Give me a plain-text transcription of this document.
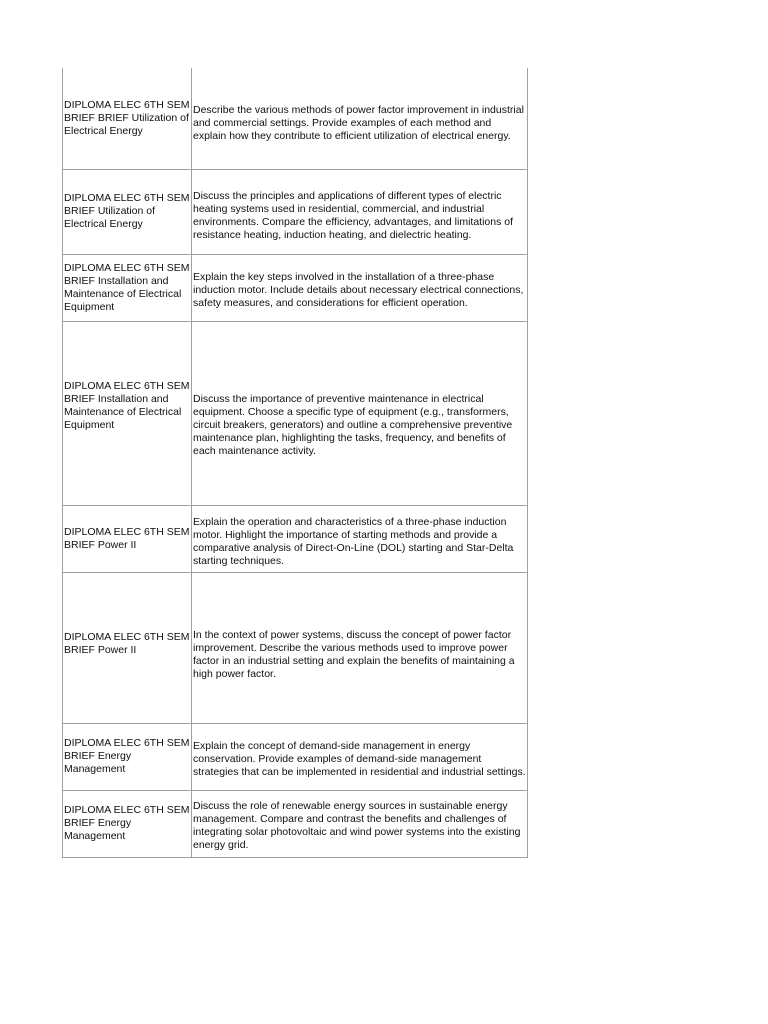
DIPLOMA ELEC 6TH SEM BRIEF BRIEF Utilization of Electrical Energy	Describe the various methods of power factor improvement in industrial and commercial settings. Provide examples of each method and explain how they contribute to efficient utilization of electrical energy.

DIPLOMA ELEC 6TH SEM BRIEF Utilization of Electrical Energy	Discuss the principles and applications of different types of electric heating systems used in residential, commercial, and industrial environments. Compare the efficiency, advantages, and limitations of resistance heating, induction heating, and dielectric heating.

DIPLOMA ELEC 6TH SEM BRIEF Installation and Maintenance of Electrical Equipment	Explain the key steps involved in the installation of a three-phase induction motor. Include details about necessary electrical connections, safety measures, and considerations for efficient operation.

DIPLOMA ELEC 6TH SEM BRIEF Installation and Maintenance of Electrical Equipment	Discuss the importance of preventive maintenance in electrical equipment. Choose a specific type of equipment (e.g., transformers, circuit breakers, generators) and outline a comprehensive preventive maintenance plan, highlighting the tasks, frequency, and benefits of each maintenance activity.

DIPLOMA ELEC 6TH SEM BRIEF Power II	Explain the operation and characteristics of a three-phase induction motor. Highlight the importance of starting methods and provide a comparative analysis of Direct-On-Line (DOL) starting and Star-Delta starting techniques.

DIPLOMA ELEC 6TH SEM BRIEF Power II	In the context of power systems, discuss the concept of power factor improvement. Describe the various methods used to improve power factor in an industrial setting and explain the benefits of maintaining a high power factor.

DIPLOMA ELEC 6TH SEM BRIEF Energy Management	Explain the concept of demand-side management in energy conservation. Provide examples of demand-side management strategies that can be implemented in residential and industrial settings.

DIPLOMA ELEC 6TH SEM BRIEF Energy Management	Discuss the role of renewable energy sources in sustainable energy management. Compare and contrast the benefits and challenges of integrating solar photovoltaic and wind power systems into the existing energy grid.
